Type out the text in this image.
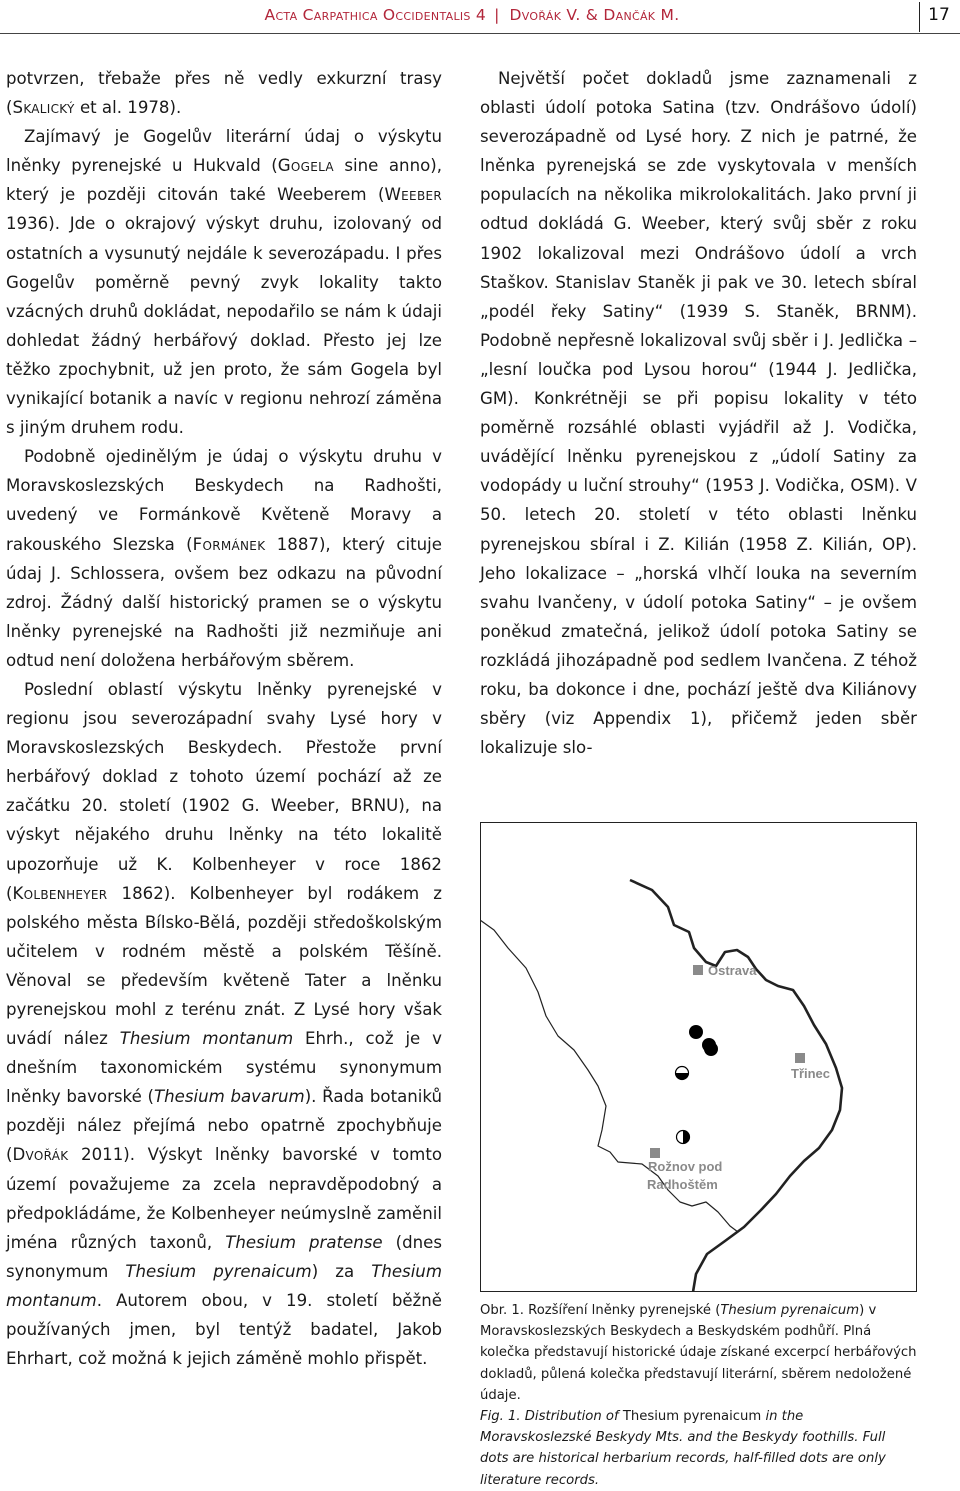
Acta Carpathica Occidentalis 4 | Dvořák V. & Dančák M.	17

potvrzen, třebaže přes ně vedly exkurzní trasy (Skalický et al. 1978).

Zajímavý je Gogelův literární údaj o výskytu lněnky pyrenejské u Hukvald (Gogela sine anno), který je později citován také Weeberem (Weeber 1936). Jde o okrajový výskyt druhu, izolovaný od ostatních a vysunutý nejdále k severozápadu. I přes Gogelův poměrně pevný zvyk lokality takto vzácných druhů dokládat, nepodařilo se nám k údaji dohledat žádný herbářový doklad. Přesto jej lze těžko zpochybnit, už jen proto, že sám Gogela byl vynikající botanik a navíc v regionu nehrozí záměna s jiným druhem rodu.

Podobně ojedinělým je údaj o výskytu druhu v Moravskoslezských Beskydech na Radhošti, uvedený ve Formánkově Květeně Moravy a rakouského Slezska (Formánek 1887), který cituje údaj J. Schlossera, ovšem bez odkazu na původní zdroj. Žádný další historický pramen se o výskytu lněnky pyrenejské na Radhošti již nezmiňuje ani odtud není doložena herbářovým sběrem.

Poslední oblastí výskytu lněnky pyrenejské v regionu jsou severozápadní svahy Lysé hory v Moravskoslezských Beskydech. Přestože první herbářový doklad z tohoto území pochází až ze začátku 20. století (1902 G. Weeber, BRNU), na výskyt nějakého druhu lněnky na této lokalitě upozorňuje už K. Kolbenheyer v roce 1862 (Kolbenheyer 1862). Kolbenheyer byl rodákem z polského města Bílsko-Bělá, později středoškolským učitelem v rodném městě a polském Těšíně. Věnoval se především květeně Tater a lněnku pyrenejskou mohl z terénu znát. Z Lysé hory však uvádí nález Thesium montanum Ehrh., což je v dnešním taxonomickém systému synonymum lněnky bavorské (Thesium bavarum). Řada botaniků později nález přejímá nebo opatrně zpochybňuje (Dvořák 2011). Výskyt lněnky bavorské v tomto území považujeme za zcela nepravděpodobný a předpokládáme, že Kolbenheyer neúmyslně zaměnil jména různých taxonů, Thesium pratense (dnes synonymum Thesium pyrenaicum) za Thesium montanum. Autorem obou, v 19. století běžně používaných jmen, byl tentýž badatel, Jakob Ehrhart, což možná k jejich záměně mohlo přispět.

Největší počet dokladů jsme zaznamenali z oblasti údolí potoka Satina (tzv. Ondrášovo údolí) severozápadně od Lysé hory. Z nich je patrné, že lněnka pyrenejská se zde vyskytovala v menších populacích na několika mikrolokalitách. Jako první ji odtud dokládá G. Weeber, který svůj sběr z roku 1902 lokalizoval mezi Ondrášovo údolí a vrch Staškov. Stanislav Staněk ji pak ve 30. letech sbíral „podél řeky Satiny“ (1939 S. Staněk, BRNM). Podobně nepřesně lokalizoval svůj sběr i J. Jedlička – „lesní loučka pod Lysou horou“ (1944 J. Jedlička, GM). Konkrétněji se při popisu lokality v této poměrně rozsáhlé oblasti vyjádřil až J. Vodička, uvádějící lněnku pyrenejskou z „údolí Satiny za vodopády u luční strouhy“ (1953 J. Vodička, OSM). V 50. letech 20. století v této oblasti lněnku pyrenejskou sbíral i Z. Kilián (1958 Z. Kilián, OP). Jeho lokalizace – „horská vlhčí louka na severním svahu Ivančeny, v údolí potoka Satiny“ – je ovšem poněkud zmatečná, jelikož údolí potoka Satiny se rozkládá jihozápadně pod sedlem Ivančena. Z téhož roku, ba dokonce i dne, pochází ještě dva Kiliánovy sběry (viz Appendix 1), přičemž jeden sběr lokalizuje slo-

Ostrava
Třinec
Rožnov pod
Radhoštěm

Obr. 1. Rozšíření lněnky pyrenejské (Thesium pyrenaicum) v Moravskoslezských Beskydech a Beskydském podhůří. Plná kolečka představují historické údaje získané excerpcí herbářových dokladů, půlená kolečka představují literární, sběrem nedoložené údaje.

Fig. 1. Distribution of Thesium pyrenaicum in the Moravskoslezské Beskydy Mts. and the Beskydy foothills. Full dots are historical herbarium records, half-filled dots are only literature records.
